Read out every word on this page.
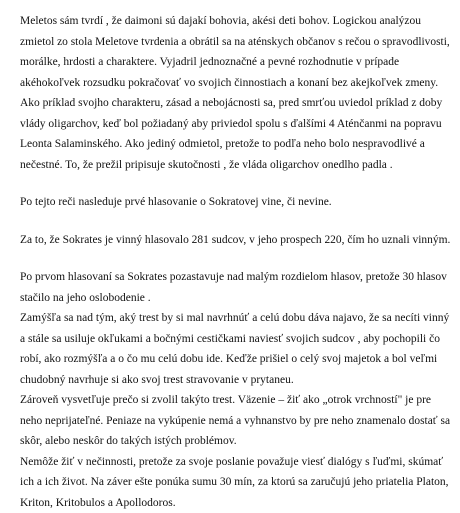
Meletos sám tvrdí , že daimoni sú dajakí bohovia, akési deti bohov. Logickou analýzou
zmietol zo stola Meletove tvrdenia a obrátil sa na aténskych občanov s rečou o spravodlivosti,
morálke, hrdosti a charaktere. Vyjadril jednoznačné a pevné rozhodnutie v prípade
akéhokoľvek rozsudku pokračovať vo svojich činnostiach a konaní bez akejkoľvek zmeny.
Ako príklad svojho charakteru, zásad a nebojácnosti sa, pred smrťou uviedol príklad z doby
vlády oligarchov, keď bol požiadaný aby priviedol spolu s ďalšími 4 Aténčanmi na popravu
Leonta Salaminského. Ako jediný odmietol, pretože to podľa neho bolo nespravodlivé a
nečestné. To, že prežil pripisuje skutočnosti , že vláda oligarchov onedlho padla .
Po tejto reči nasleduje prvé hlasovanie o Sokratovej vine, či nevine.
Za to, že Sokrates je vinný hlasovalo 281 sudcov, v jeho prospech 220, čím ho uznali vinným.
Po prvom hlasovaní sa Sokrates pozastavuje nad malým rozdielom hlasov, pretože 30 hlasov
stačilo na jeho oslobodenie .
Zamýšľa sa nad tým, aký trest by si mal navrhnúť a celú dobu dáva najavo, že sa necíti vinný
a stále sa usiluje okľukami a bočnými cestičkami naviesť svojich sudcov , aby pochopili čo
robí, ako rozmýšľa a o čo mu celú dobu ide. Keďže prišiel o celý svoj majetok a bol veľmi
chudobný navrhuje si ako svoj trest stravovanie v prytaneu.
Zároveň vysvetľuje prečo si zvolil takýto trest. Väzenie – žiť ako „otrok vrchností" je pre
neho neprijateľné. Peniaze na vykúpenie nemá a vyhnanstvo by pre neho znamenalo dostať sa
skôr, alebo neskôr do takých istých problémov.
Nemôže žiť v nečinnosti, pretože za svoje poslanie považuje viesť dialógy s ľuďmi, skúmať
ich a ich život. Na záver ešte ponúka sumu 30 mín, za ktorú sa zaručujú jeho priatelia Platon,
Kriton, Kritobulos a Apollodoros.
